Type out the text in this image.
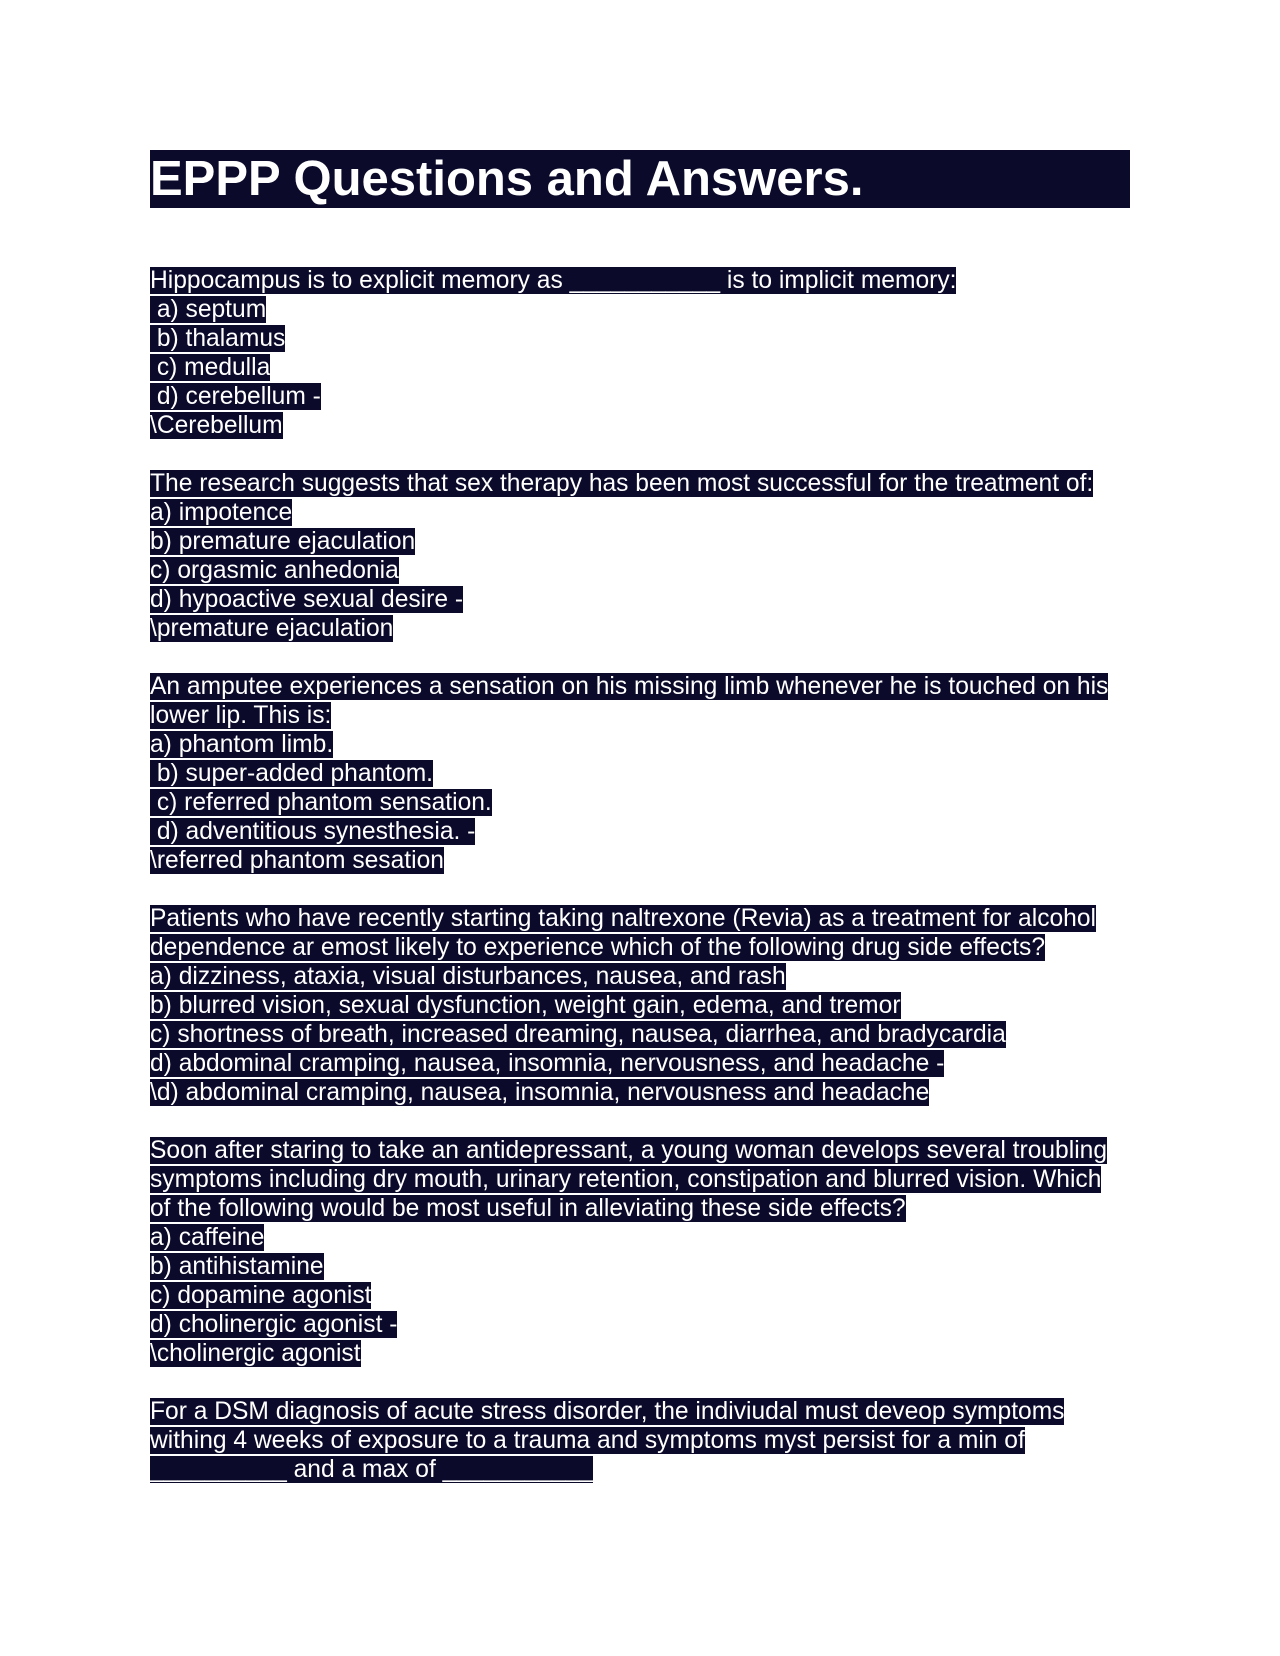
EPPP Questions and Answers.
Hippocampus is to explicit memory as ___________ is to implicit memory:
a) septum
b) thalamus
c) medulla
d) cerebellum -
\Cerebellum
The research suggests that sex therapy has been most successful for the treatment of:
a) impotence
b) premature ejaculation
c) orgasmic anhedonia
d) hypoactive sexual desire -
\premature ejaculation
An amputee experiences a sensation on his missing limb whenever he is touched on his
lower lip. This is:
a) phantom limb.
b) super-added phantom.
c) referred phantom sensation.
d) adventitious synesthesia. -
\referred phantom sesation
Patients who have recently starting taking naltrexone (Revia) as a treatment for alcohol
dependence ar emost likely to experience which of the following drug side effects?
a) dizziness, ataxia, visual disturbances, nausea, and rash
b) blurred vision, sexual dysfunction, weight gain, edema, and tremor
c) shortness of breath, increased dreaming, nausea, diarrhea, and bradycardia
d) abdominal cramping, nausea, insomnia, nervousness, and headache -
\d) abdominal cramping, nausea, insomnia, nervousness and headache
Soon after staring to take an antidepressant, a young woman develops several troubling
symptoms including dry mouth, urinary retention, constipation and blurred vision. Which
of the following would be most useful in alleviating these side effects?
a) caffeine
b) antihistamine
c) dopamine agonist
d) cholinergic agonist -
\cholinergic agonist
For a DSM diagnosis of acute stress disorder, the indiviudal must deveop symptoms
withing 4 weeks of exposure to a trauma and symptoms myst persist for a min of
__________ and a max of ___________
